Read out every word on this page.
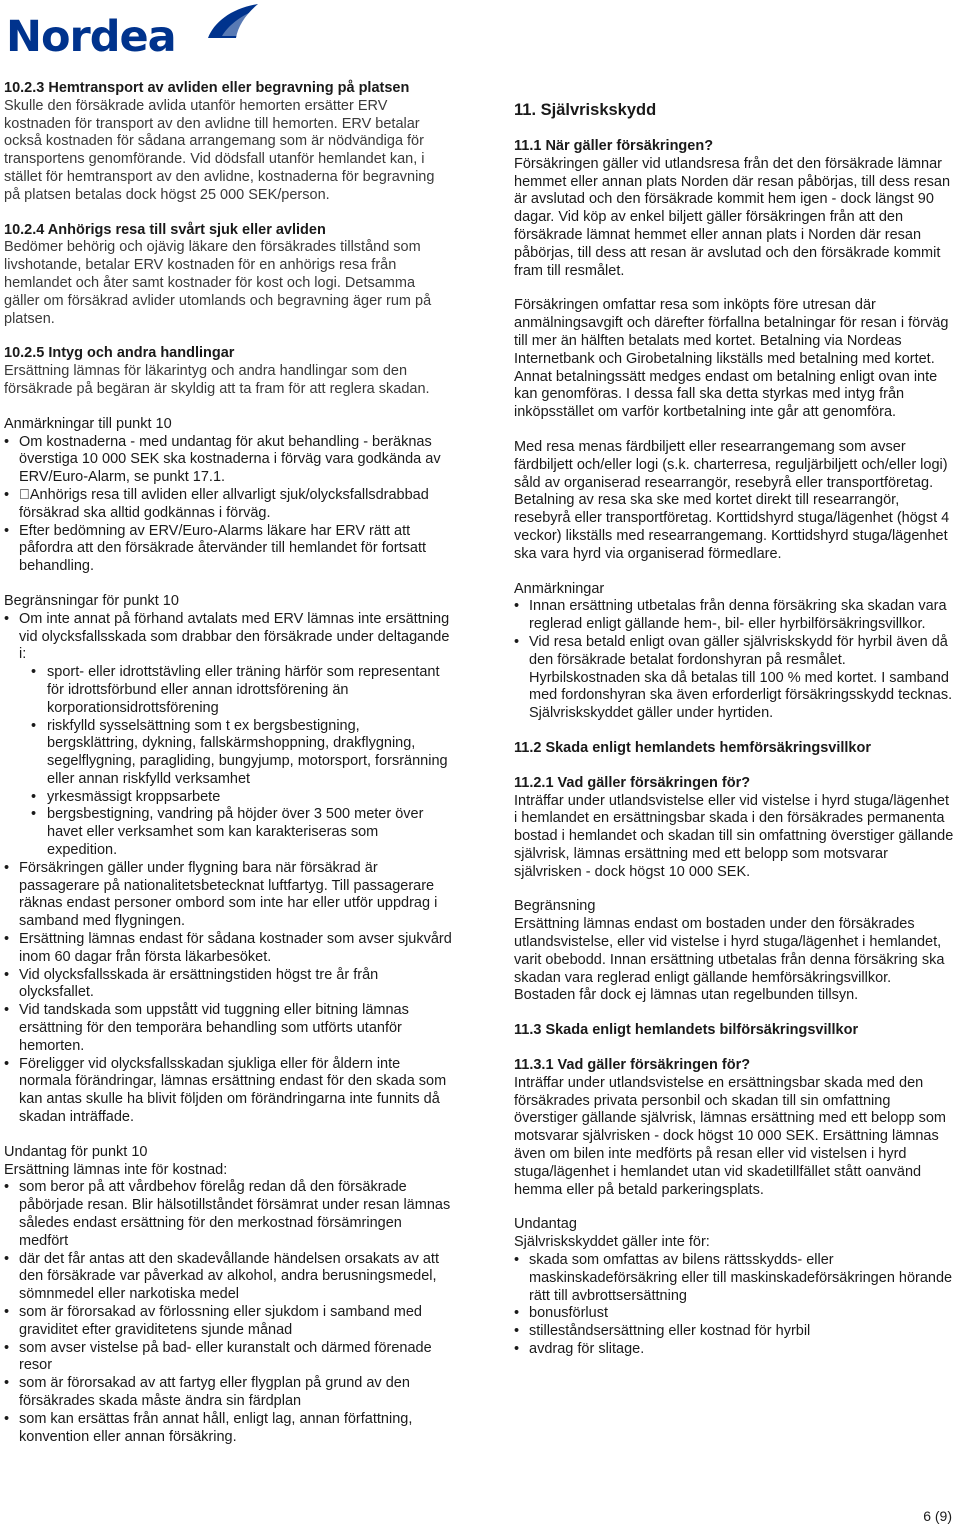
Nordea
10.2.3 Hemtransport av avliden eller begravning på platsen
Skulle den försäkrade avlida utanför hemorten ersätter ERV kostnaden för transport av den avlidne till hemorten. ERV betalar också kostnaden för sådana arrangemang som är nödvändiga för transportens genomförande. Vid dödsfall utanför hemlandet kan, i stället för hemtransport av den avlidne, kostnaderna för begravning på platsen betalas dock högst 25 000 SEK/person.
10.2.4 Anhörigs resa till svårt sjuk eller avliden
Bedömer behörig och ojävig läkare den försäkrades tillstånd som livshotande, betalar ERV kostnaden för en anhörigs resa från hemlandet och åter samt kostnader för kost och logi. Detsamma gäller om försäkrad avlider utomlands och begravning äger rum på platsen.
10.2.5 Intyg och andra handlingar
Ersättning lämnas för läkarintyg och andra handlingar som den försäkrade på begäran är skyldig att ta fram för att reglera skadan.
Anmärkningar till punkt 10
• Om kostnaderna - med undantag för akut behandling - beräknas överstiga 10 000 SEK ska kostnaderna i förväg vara godkända av ERV/Euro-Alarm, se punkt 17.1.
• Anhörigs resa till avliden eller allvarligt sjuk/olycksfallsdrabbad försäkrad ska alltid godkännas i förväg.
• Efter bedömning av ERV/Euro-Alarms läkare har ERV rätt att påfordra att den försäkrade återvänder till hemlandet för fortsatt behandling.
Begränsningar för punkt 10
• Om inte annat på förhand avtalats med ERV lämnas inte ersättning vid olycksfallsskada som drabbar den försäkrade under deltagande i:
• sport- eller idrottstävling eller träning härför som representant för idrottsförbund eller annan idrottsförening än korporationsidrottsförening
• riskfylld sysselsättning som t ex bergsbestigning, bergsklättring, dykning, fallskärmshoppning, drakflygning, segelflygning, paragliding, bungyjump, motorsport, forsränning eller annan riskfylld verksamhet
• yrkesmässigt kroppsarbete
• bergsbestigning, vandring på höjder över 3 500 meter över havet eller verksamhet som kan karakteriseras som expedition.
• Försäkringen gäller under flygning bara när försäkrad är passagerare på nationalitetsbetecknat luftfartyg. Till passagerare räknas endast personer ombord som inte har eller utför uppdrag i samband med flygningen.
• Ersättning lämnas endast för sådana kostnader som avser sjukvård inom 60 dagar från första läkarbesöket.
• Vid olycksfallsskada är ersättningstiden högst tre år från olycksfallet.
• Vid tandskada som uppstått vid tuggning eller bitning lämnas ersättning för den temporära behandling som utförts utanför hemorten.
• Föreligger vid olycksfallsskadan sjukliga eller för åldern inte normala förändringar, lämnas ersättning endast för den skada som kan antas skulle ha blivit följden om förändringarna inte funnits då skadan inträffade.
Undantag för punkt 10
Ersättning lämnas inte för kostnad:
• som beror på att vårdbehov förelåg redan då den försäkrade påbörjade resan. Blir hälsotillståndet försämrat under resan lämnas således endast ersättning för den merkostnad försämringen medfört
• där det får antas att den skadevållande händelsen orsakats av att den försäkrade var påverkad av alkohol, andra berusningsmedel, sömnmedel eller narkotiska medel
• som är förorsakad av förlossning eller sjukdom i samband med graviditet efter graviditetens sjunde månad
• som avser vistelse på bad- eller kuranstalt och därmed förenade resor
• som är förorsakad av att fartyg eller flygplan på grund av den försäkrades skada måste ändra sin färdplan
• som kan ersättas från annat håll, enligt lag, annan författning, konvention eller annan försäkring.
11. Självriskskydd
11.1 När gäller försäkringen?
Försäkringen gäller vid utlandsresa från det den försäkrade lämnar hemmet eller annan plats Norden där resan påbörjas, till dess resan är avslutad och den försäkrade kommit hem igen - dock längst 90 dagar. Vid köp av enkel biljett gäller försäkringen från att den försäkrade lämnat hemmet eller annan plats i Norden där resan påbörjas, till dess att resan är avslutad och den försäkrade kommit fram till resmålet.

Försäkringen omfattar resa som inköpts före utresan där anmälningsavgift och därefter förfallna betalningar för resan i förväg till mer än hälften betalats med kortet. Betalning via Nordeas Internetbank och Girobetalning likställs med betalning med kortet. Annat betalningssätt medges endast om betalning enligt ovan inte kan genomföras. I dessa fall ska detta styrkas med intyg från inköpsstället om varför kortbetalning inte går att genomföra.

Med resa menas färdbiljett eller researrangemang som avser färdbiljett och/eller logi (s.k. charterresa, reguljärbiljett och/eller logi) såld av organiserad researrangör, resebyrå eller transportföretag. Betalning av resa ska ske med kortet direkt till researrangör, resebyrå eller transportföretag. Korttidshyrd stuga/lägenhet (högst 4 veckor) likställs med researrangemang. Korttidshyrd stuga/lägenhet ska vara hyrd via organiserad förmedlare.

Anmärkningar
• Innan ersättning utbetalas från denna försäkring ska skadan vara reglerad enligt gällande hem-, bil- eller hyrbilförsäkringsvillkor.
• Vid resa betald enligt ovan gäller självriskskydd för hyrbil även då den försäkrade betalat fordonshyran på resmålet. Hyrbilskostnaden ska då betalas till 100 % med kortet. I samband med fordonshyran ska även erforderligt försäkringsskydd tecknas. Självriskskyddet gäller under hyrtiden.

11.2 Skada enligt hemlandets hemförsäkringsvillkor

11.2.1 Vad gäller försäkringen för?
Inträffar under utlandsvistelse eller vid vistelse i hyrd stuga/lägenhet i hemlandet en ersättningsbar skada i den försäkrades permanenta bostad i hemlandet och skadan till sin omfattning överstiger gällande självrisk, lämnas ersättning med ett belopp som motsvarar självrisken - dock högst 10 000 SEK.
Begränsning
Ersättning lämnas endast om bostaden under den försäkrades utlandsvistelse, eller vid vistelse i hyrd stuga/lägenhet i hemlandet, varit obebodd. Innan ersättning utbetalas från denna försäkring ska skadan vara reglerad enligt gällande hemförsäkringsvillkor. Bostaden får dock ej lämnas utan regelbunden tillsyn.

11.3 Skada enligt hemlandets bilförsäkringsvillkor

11.3.1 Vad gäller försäkringen för?
Inträffar under utlandsvistelse en ersättningsbar skada med den försäkrades privata personbil och skadan till sin omfattning överstiger gällande självrisk, lämnas ersättning med ett belopp som motsvarar självrisken - dock högst 10 000 SEK. Ersättning lämnas även om bilen inte medförts på resan eller vid vistelsen i hyrd stuga/lägenhet i hemlandet utan vid skadetillfället stått oanvänd hemma eller på betald parkeringsplats.
Undantag
Självriskskyddet gäller inte för:
• skada som omfattas av bilens rättsskydds- eller maskinskadeförsäkring eller till maskinskadeförsäkringen hörande rätt till avbrottsersättning
• bonusförlust
• stilleståndsersättning eller kostnad för hyrbil
• avdrag för slitage.
6 (9)
